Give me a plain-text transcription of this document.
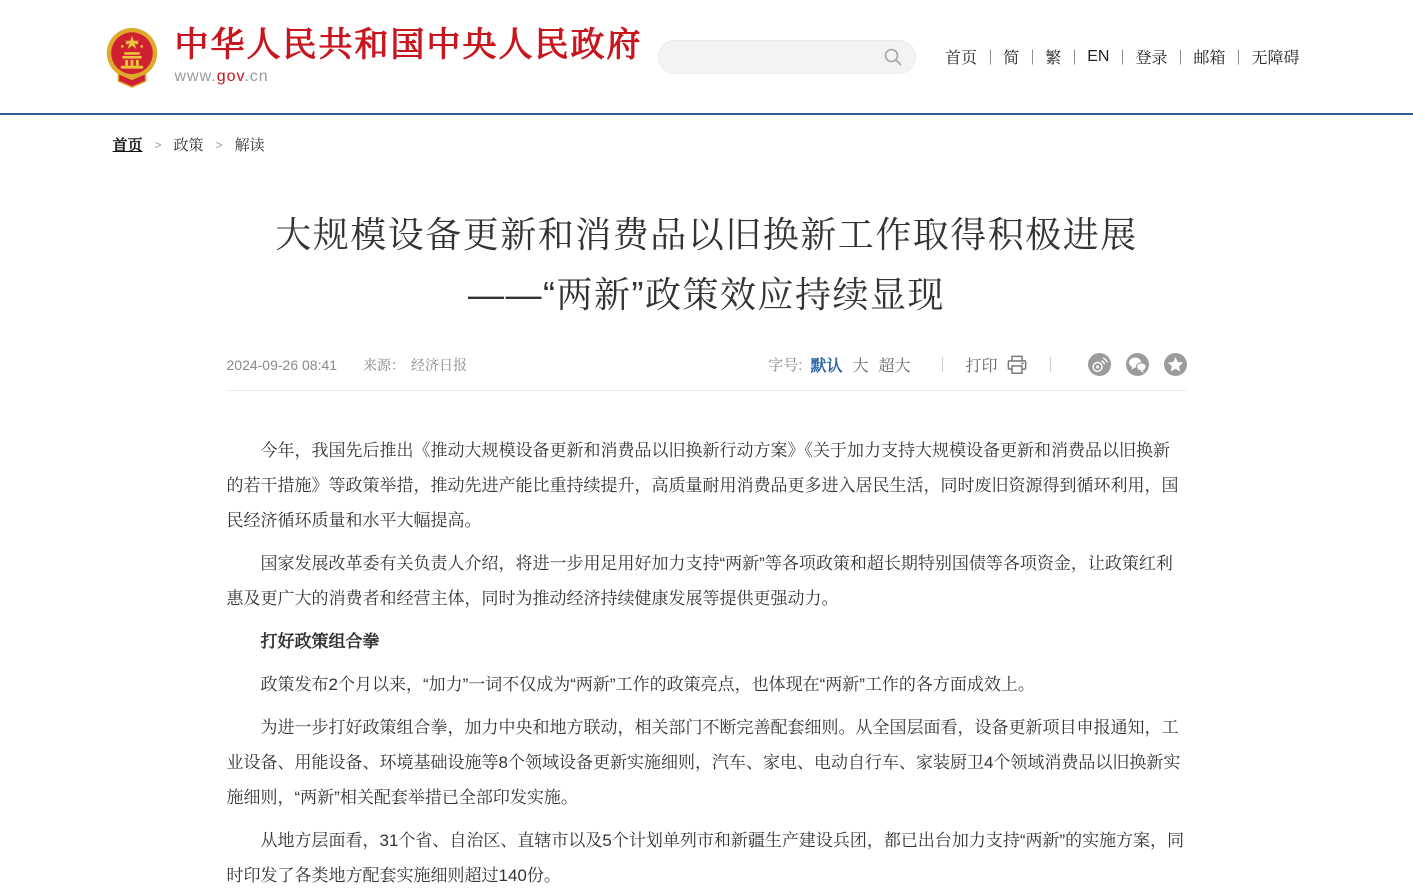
中华人民共和国中央人民政府
www.gov.cn
首页	简	繁	EN	登录	邮箱	无障碍
首页 > 政策 > 解读
大规模设备更新和消费品以旧换新工作取得积极进展
——“两新”政策效应持续显现
2024-09-26 08:41 来源： 经济日报	字号: 默认 大 超大	打印

今年，我国先后推出《推动大规模设备更新和消费品以旧换新行动方案》《关于加力支持大规模设备更新和消费品以旧换新的若干措施》等政策举措，推动先进产能比重持续提升，高质量耐用消费品更多进入居民生活，同时废旧资源得到循环利用，国民经济循环质量和水平大幅提高。

国家发展改革委有关负责人介绍，将进一步用足用好加力支持“两新”等各项政策和超长期特别国债等各项资金，让政策红利惠及更广大的消费者和经营主体，同时为推动经济持续健康发展等提供更强动力。

打好政策组合拳

政策发布2个月以来，“加力”一词不仅成为“两新”工作的政策亮点，也体现在“两新”工作的各方面成效上。

为进一步打好政策组合拳，加力中央和地方联动，相关部门不断完善配套细则。从全国层面看，设备更新项目申报通知，工业设备、用能设备、环境基础设施等8个领域设备更新实施细则，汽车、家电、电动自行车、家装厨卫4个领域消费品以旧换新实施细则，“两新”相关配套举措已全部印发实施。

从地方层面看，31个省、自治区、直辖市以及5个计划单列市和新疆生产建设兵团，都已出台加力支持“两新”的实施方案，同时印发了各类地方配套实施细则超过140份。
